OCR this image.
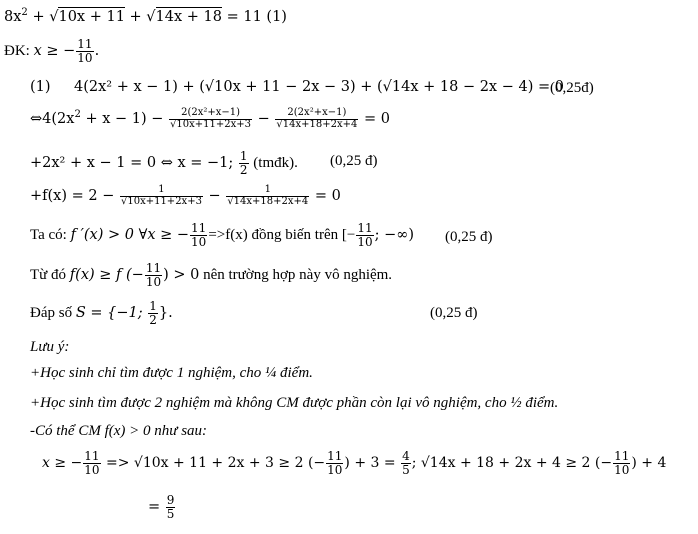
$8x^2 + √10x + 11 + √14x + 18 = 11$ (1)
ĐK: x ≥ − $\frac{11}{10}$ .
(1) 4(2x² + x − 1) + (√10x + 11 − 2x − 3) + (√14x + 18 − 2x − 4) = 0
(0,25đ)
$\Leftrightarrow 4(2x^2 + x - 1) - \frac{\text{2(2x²+x−1)}}{√10x+11+2x+3} - \frac{\text{2(2x²+x−1)}}{√14x+18+2x+4} = 0$
+2x² + x − 1 = 0 ⇔ x = −1; $\frac{1}{2}$ (tmđk). (0,25 đ)
$+f(x) = 2 - \frac{1}{√10x+11+2x+3} - \frac{1}{√14x+18+2x+4} = 0$
Ta có: f ′(x) > 0 ∀x ≥ − $\frac{11}{10} =>f(x)$ đồng biến trên [− $\frac{11}{10}$ ; −∞) (0,25 đ)
Từ đó f(x) ≥ f (− $\frac{11}{10}$ ) > 0 nên trường hợp này vô nghiệm.
Đáp số S = {−1; $\frac{1}{2}$ }.	(0,25 đ)
Lưu ý:
+Học sinh chỉ tìm được 1 nghiệm, cho ¼ điểm.
+Học sinh tìm được 2 nghiệm mà không CM được phần còn lại vô nghiệm, cho ½ điểm.
-Có thể CM f(x) > 0 như sau:
x ≥ − $\frac{11}{10} => √10x + 11 + 2x + 3 \ge 2$ (− $\frac{11}{10}$ ) + $3 = \frac{4}{5}$ ; √14x + 18 + 2x + 4 ≥ 2 (− $\frac{11}{10}$ ) + 4
= $\frac{9}{5}$
